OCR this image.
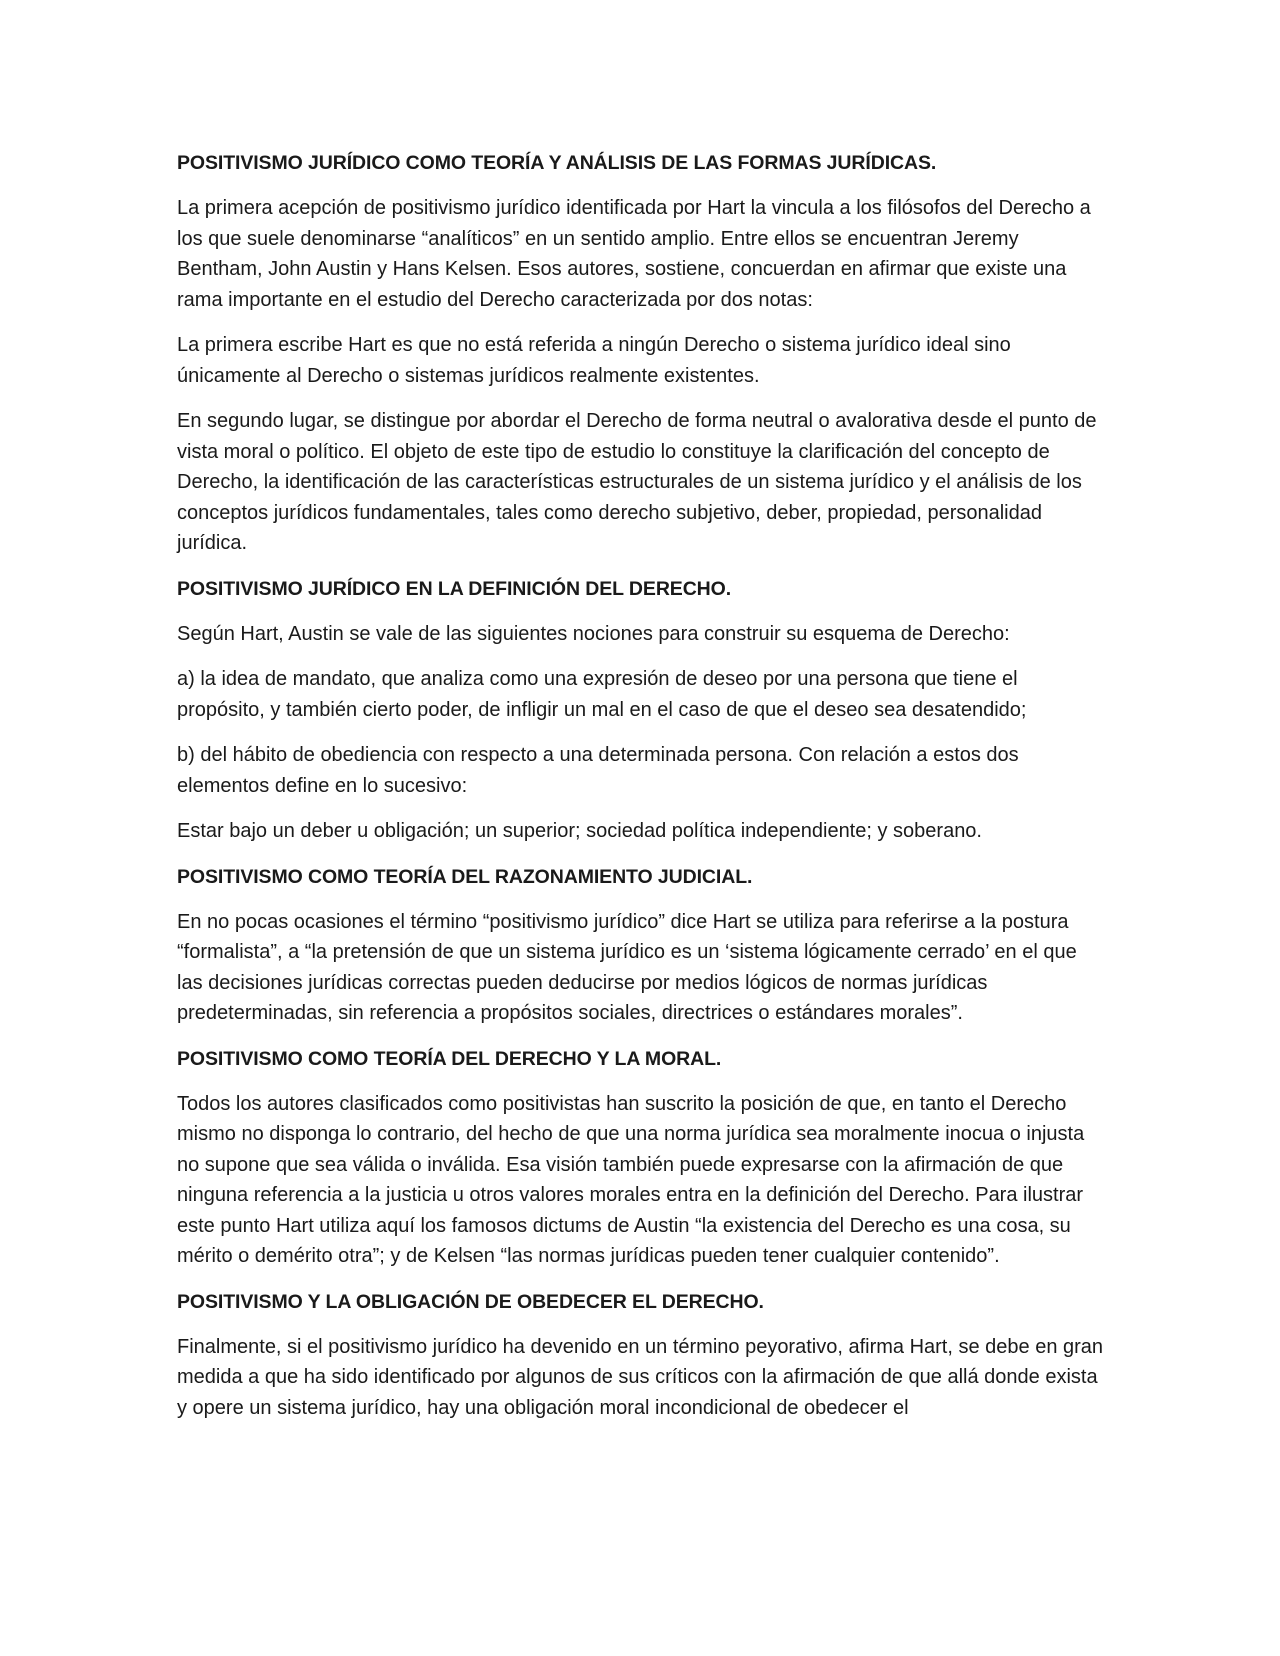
POSITIVISMO JURÍDICO COMO TEORÍA Y ANÁLISIS DE LAS FORMAS JURÍDICAS.

La primera acepción de positivismo jurídico identificada por Hart la vincula a los filósofos del Derecho a los que suele denominarse “analíticos” en un sentido amplio. Entre ellos se encuentran Jeremy Bentham, John Austin y Hans Kelsen. Esos autores, sostiene, concuerdan en afirmar que existe una rama importante en el estudio del Derecho caracterizada por dos notas:

La primera escribe Hart es que no está referida a ningún Derecho o sistema jurídico ideal sino únicamente al Derecho o sistemas jurídicos realmente existentes.

En segundo lugar, se distingue por abordar el Derecho de forma neutral o avalorativa desde el punto de vista moral o político. El objeto de este tipo de estudio lo constituye la clarificación del concepto de Derecho, la identificación de las características estructurales de un sistema jurídico y el análisis de los conceptos jurídicos fundamentales, tales como derecho subjetivo, deber, propiedad, personalidad jurídica.

POSITIVISMO JURÍDICO EN LA DEFINICIÓN DEL DERECHO.

Según Hart, Austin se vale de las siguientes nociones para construir su esquema de Derecho:

a) la idea de mandato, que analiza como una expresión de deseo por una persona que tiene el propósito, y también cierto poder, de infligir un mal en el caso de que el deseo sea desatendido;

b) del hábito de obediencia con respecto a una determinada persona. Con relación a estos dos elementos define en lo sucesivo:

Estar bajo un deber u obligación; un superior; sociedad política independiente; y soberano.

POSITIVISMO COMO TEORÍA DEL RAZONAMIENTO JUDICIAL.

En no pocas ocasiones el término “positivismo jurídico” dice Hart se utiliza para referirse a la postura “formalista”, a “la pretensión de que un sistema jurídico es un ‘sistema lógicamente cerrado’ en el que las decisiones jurídicas correctas pueden deducirse por medios lógicos de normas jurídicas predeterminadas, sin referencia a propósitos sociales, directrices o estándares morales”.

POSITIVISMO COMO TEORÍA DEL DERECHO Y LA MORAL.

Todos los autores clasificados como positivistas han suscrito la posición de que, en tanto el Derecho mismo no disponga lo contrario, del hecho de que una norma jurídica sea moralmente inocua o injusta no supone que sea válida o inválida. Esa visión también puede expresarse con la afirmación de que ninguna referencia a la justicia u otros valores morales entra en la definición del Derecho. Para ilustrar este punto Hart utiliza aquí los famosos dictums de Austin “la existencia del Derecho es una cosa, su mérito o demérito otra”; y de Kelsen “las normas jurídicas pueden tener cualquier contenido”.

POSITIVISMO Y LA OBLIGACIÓN DE OBEDECER EL DERECHO.

Finalmente, si el positivismo jurídico ha devenido en un término peyorativo, afirma Hart, se debe en gran medida a que ha sido identificado por algunos de sus críticos con la afirmación de que allá donde exista y opere un sistema jurídico, hay una obligación moral incondicional de obedecer el
